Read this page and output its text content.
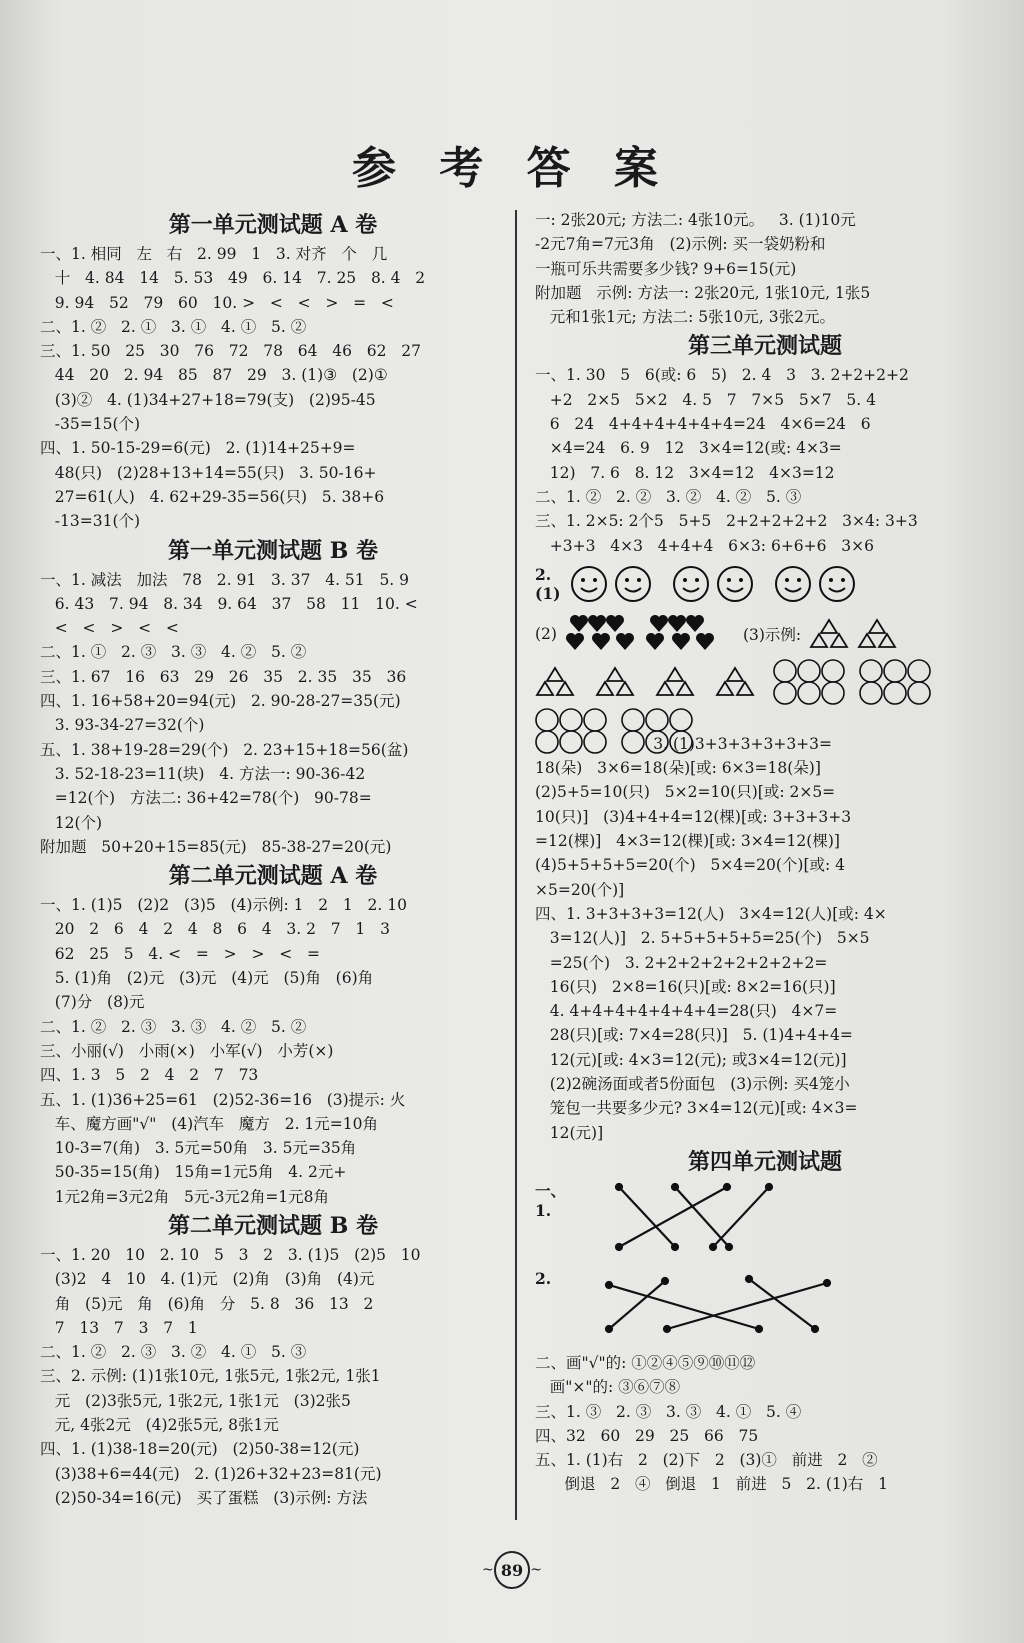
参 考 答 案
第一单元测试题 A 卷
一、1. 相同   左   右   2. 99   1   3. 对齐   个   几
十   4. 84   14   5. 53   49   6. 14   7. 25   8. 4   2
9. 94   52   79   60   10. >   <   <   >   =   <
二、1. ②   2. ①   3. ①   4. ①   5. ②
三、1. 50   25   30   76   72   78   64   46   62   27
44   20   2. 94   85   87   29   3. (1)③   (2)①
(3)②   4. (1)34+27+18=79(支)   (2)95-45
-35=15(个)
四、1. 50-15-29=6(元)   2. (1)14+25+9=
48(只)   (2)28+13+14=55(只)   3. 50-16+
27=61(人)   4. 62+29-35=56(只)   5. 38+6
-13=31(个)
第一单元测试题 B 卷
一、1. 减法   加法   78   2. 91   3. 37   4. 51   5. 9
6. 43   7. 94   8. 34   9. 64   37   58   11   10. <
<   <   >   <   <
二、1. ①   2. ③   3. ③   4. ②   5. ②
三、1. 67   16   63   29   26   35   2. 35   35   36
四、1. 16+58+20=94(元)   2. 90-28-27=35(元)
3. 93-34-27=32(个)
五、1. 38+19-28=29(个)   2. 23+15+18=56(盆)
3. 52-18-23=11(块)   4. 方法一: 90-36-42
=12(个)   方法二: 36+42=78(个)   90-78=
12(个)
附加题   50+20+15=85(元)   85-38-27=20(元)
第二单元测试题 A 卷
一、1. (1)5   (2)2   (3)5   (4)示例: 1   2   1   2. 10
20   2   6   4   2   4   8   6   4   3. 2   7   1   3
62   25   5   4. <   =   >   >   <   =
5. (1)角   (2)元   (3)元   (4)元   (5)角   (6)角
(7)分   (8)元
二、1. ②   2. ③   3. ③   4. ②   5. ②
三、小丽(√)   小雨(×)   小军(√)   小芳(×)
四、1. 3   5   2   4   2   7   73
五、1. (1)36+25=61   (2)52-36=16   (3)提示: 火
车、魔方画"√"   (4)汽车   魔方   2. 1元=10角
10-3=7(角)   3. 5元=50角   3. 5元=35角
50-35=15(角)   15角=1元5角   4. 2元+
1元2角=3元2角   5元-3元2角=1元8角
第二单元测试题 B 卷
一、1. 20   10   2. 10   5   3   2   3. (1)5   (2)5   10
(3)2   4   10   4. (1)元   (2)角   (3)角   (4)元
角   (5)元   角   (6)角   分   5. 8   36   13   2
7   13   7   3   7   1
二、1. ②   2. ③   3. ②   4. ①   5. ③
三、2. 示例: (1)1张10元, 1张5元, 1张2元, 1张1
元   (2)3张5元, 1张2元, 1张1元   (3)2张5
元, 4张2元   (4)2张5元, 8张1元
四、1. (1)38-18=20(元)   (2)50-38=12(元)
(3)38+6=44(元)   2. (1)26+32+23=81(元)
(2)50-34=16(元)   买了蛋糕   (3)示例: 方法
一: 2张20元; 方法二: 4张10元。   3. (1)10元
-2元7角=7元3角   (2)示例: 买一袋奶粉和
一瓶可乐共需要多少钱? 9+6=15(元)
附加题   示例: 方法一: 2张20元, 1张10元, 1张5
元和1张1元; 方法二: 5张10元, 3张2元。
第三单元测试题
一、1. 30   5   6(或: 6   5)   2. 4   3   3. 2+2+2+2
+2   2×5   5×2   4. 5   7   7×5   5×7   5. 4
6   24   4+4+4+4+4+4=24   4×6=24   6
×4=24   6. 9   12   3×4=12(或: 4×3=
12)   7. 6   8. 12   3×4=12   4×3=12
二、1. ②   2. ②   3. ②   4. ②   5. ③
三、1. 2×5: 2个5   5+5   2+2+2+2+2   3×4: 3+3
+3+3   4×3   4+4+4   6×3: 6+6+6   3×6
2. (1)
(2)	(3)示例:
3. (1)3+3+3+3+3+3=
18(朵)   3×6=18(朵)[或: 6×3=18(朵)]
(2)5+5=10(只)   5×2=10(只)[或: 2×5=
10(只)]   (3)4+4+4=12(棵)[或: 3+3+3+3
=12(棵)]   4×3=12(棵)[或: 3×4=12(棵)]
(4)5+5+5+5=20(个)   5×4=20(个)[或: 4
×5=20(个)]
四、1. 3+3+3+3=12(人)   3×4=12(人)[或: 4×
3=12(人)]   2. 5+5+5+5+5=25(个)   5×5
=25(个)   3. 2+2+2+2+2+2+2+2=
16(只)   2×8=16(只)[或: 8×2=16(只)]
4. 4+4+4+4+4+4+4=28(只)   4×7=
28(只)[或: 7×4=28(只)]   5. (1)4+4+4=
12(元)[或: 4×3=12(元); 或3×4=12(元)]
(2)2碗汤面或者5份面包   (3)示例: 买4笼小
笼包一共要多少元? 3×4=12(元)[或: 4×3=
12(元)]
第四单元测试题
一、1.
2.
二、画"√"的: ①②④⑤⑨⑩⑪⑫
画"×"的: ③⑥⑦⑧
三、1. ③   2. ③   3. ③   4. ①   5. ④
四、32   60   29   25   66   75
五、1. (1)右   2   (2)下   2   (3)①   前进   2   ②
倒退   2   ④   倒退   1   前进   5   2. (1)右   1
~ 89 ~
